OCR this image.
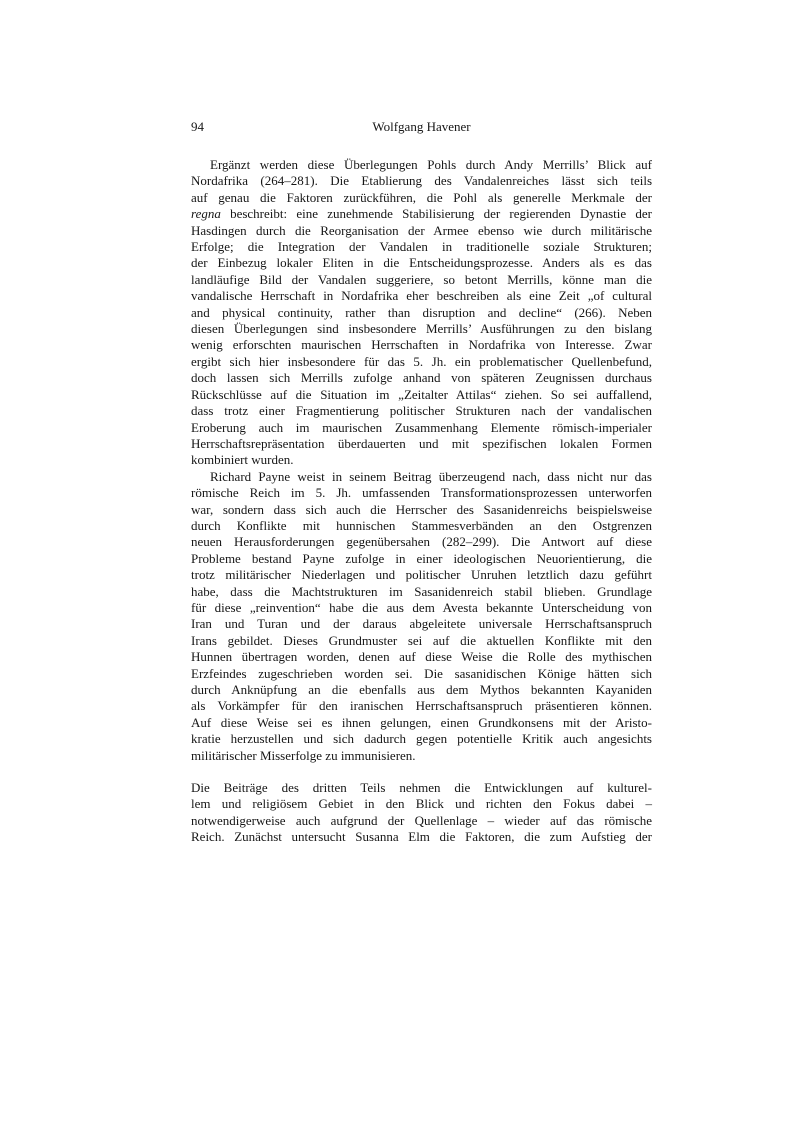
94	Wolfgang Havener
Ergänzt werden diese Überlegungen Pohls durch Andy Merrills’ Blick auf
Nordafrika (264–281). Die Etablierung des Vandalenreiches lässt sich teils
auf genau die Faktoren zurückführen, die Pohl als generelle Merkmale der
regna beschreibt: eine zunehmende Stabilisierung der regierenden Dynastie der
Hasdingen durch die Reorganisation der Armee ebenso wie durch militärische
Erfolge; die Integration der Vandalen in traditionelle soziale Strukturen;
der Einbezug lokaler Eliten in die Entscheidungsprozesse. Anders als es das
landläufige Bild der Vandalen suggeriere, so betont Merrills, könne man die
vandalische Herrschaft in Nordafrika eher beschreiben als eine Zeit „of cultural
and physical continuity, rather than disruption and decline“ (266). Neben
diesen Überlegungen sind insbesondere Merrills’ Ausführungen zu den bislang
wenig erforschten maurischen Herrschaften in Nordafrika von Interesse. Zwar
ergibt sich hier insbesondere für das 5. Jh. ein problematischer Quellenbefund,
doch lassen sich Merrills zufolge anhand von späteren Zeugnissen durchaus
Rückschlüsse auf die Situation im „Zeitalter Attilas“ ziehen. So sei auffallend,
dass trotz einer Fragmentierung politischer Strukturen nach der vandalischen
Eroberung auch im maurischen Zusammenhang Elemente römisch-imperialer
Herrschaftsrepräsentation überdauerten und mit spezifischen lokalen Formen
kombiniert wurden.
Richard Payne weist in seinem Beitrag überzeugend nach, dass nicht nur das
römische Reich im 5. Jh. umfassenden Transformationsprozessen unterworfen
war, sondern dass sich auch die Herrscher des Sasanidenreichs beispielsweise
durch Konflikte mit hunnischen Stammesverbänden an den Ostgrenzen
neuen Herausforderungen gegenübersahen (282–299). Die Antwort auf diese
Probleme bestand Payne zufolge in einer ideologischen Neuorientierung, die
trotz militärischer Niederlagen und politischer Unruhen letztlich dazu geführt
habe, dass die Machtstrukturen im Sasanidenreich stabil blieben. Grundlage
für diese „reinvention“ habe die aus dem Avesta bekannte Unterscheidung von
Iran und Turan und der daraus abgeleitete universale Herrschaftsanspruch
Irans gebildet. Dieses Grundmuster sei auf die aktuellen Konflikte mit den
Hunnen übertragen worden, denen auf diese Weise die Rolle des mythischen
Erzfeindes zugeschrieben worden sei. Die sasanidischen Könige hätten sich
durch Anknüpfung an die ebenfalls aus dem Mythos bekannten Kayaniden
als Vorkämpfer für den iranischen Herrschaftsanspruch präsentieren können.
Auf diese Weise sei es ihnen gelungen, einen Grundkonsens mit der Aristo-
kratie herzustellen und sich dadurch gegen potentielle Kritik auch angesichts
militärischer Misserfolge zu immunisieren.
Die Beiträge des dritten Teils nehmen die Entwicklungen auf kulturel-
lem und religiösem Gebiet in den Blick und richten den Fokus dabei –
notwendigerweise auch aufgrund der Quellenlage – wieder auf das römische
Reich. Zunächst untersucht Susanna Elm die Faktoren, die zum Aufstieg der
